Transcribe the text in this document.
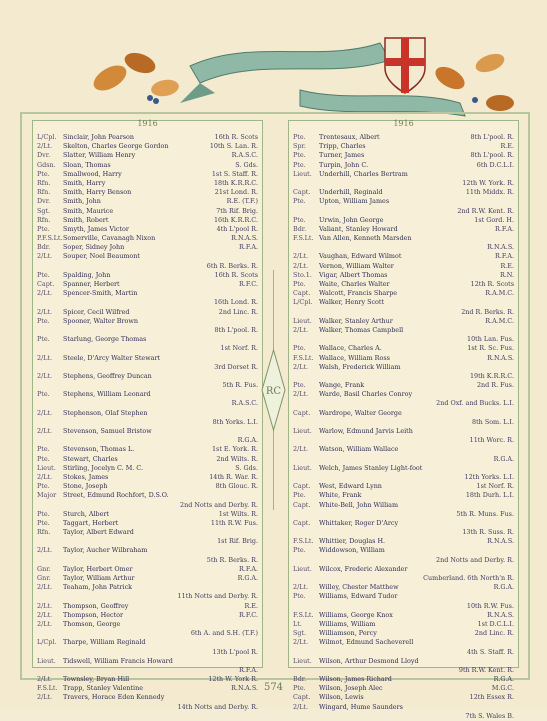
1916
L/Cpl.	Sinclair, John Pearson	16th R. Scots
2/Lt.	Skelton, Charles George Gordon	10th S. Lan. R.
Dvr.	Slatter, William Henry	R.A.S.C.
Gdsn.	Sloan, Thomas	S. Gds.
Pte.	Smallwood, Harry	1st S. Staff. R.
Rfn.	Smith, Harry	18th K.R.R.C.
Rfn.	Smith, Harry Benson	21st Lond. R.
Dvr.	Smith, John	R.E. (T.F.)
Sgt.	Smith, Maurice	7th Rif. Brig.
Rfn.	Smith, Robert	16th K.R.R.C.
Pte.	Smyth, James Victor	4th L'pool R.
P.F.S.Lt. Somerville, Cavanagh Nixon	R.N.A.S.
Bdr.	Soper, Sidney John	R.F.A.
2/Lt.	Souper, Noel Beaumont
6th R. Berks. R.
Pte.	Spalding, John	16th R. Scots
Capt.	Spanner, Herbert	R.F.C.
2/Lt.	Spencer-Smith, Martin
16th Lond. R.
2/Lt.	Spicer, Cecil Wilfred	2nd Linc. R.
Pte.	Spooner, Walter Brown
8th L'pool. R.
Pte.	Starlung, George Thomas
1st Norf. R.
2/Lt.	Steele, D'Arcy Walter Stewart
3rd Dorset R.
2/Lt.	Stephens, Geoffrey Duncan
5th R. Fus.
Pte.	Stephens, William Leonard
R.A.S.C.
2/Lt.	Stephenson, Olaf Stephen
8th Yorks. L.I.
2/Lt.	Stevenson, Samuel Bristow
R.G.A.
Pte.	Stevenson, Thomas L.	1st E. York. R.
Pte.	Stewart, Charles	2nd Wilts. R.
Lieut.	Stirling, Jocelyn C. M. C.	S. Gds.
2/Lt.	Stokes, James	14th R. War. R.
Pte.	Stone, Joseph	8th Glouc. R.
Major	Street, Edmund Rochfort, D.S.O.
2nd Notts and Derby. R.
Pte.	Sturch, Albert	1st Wilts. R.
Pte.	Taggart, Herbert	11th R.W. Fus.
Rfn.	Taylor, Albert Edward
1st Rif. Brig.
2/Lt.	Taylor, Aucher Wilbraham
5th R. Berks. R.
Gnr.	Taylor, Herbert Omer	R.F.A.
Gnr.	Taylor, William Arthur	R.G.A.
2/Lt.	Teaham, John Patrick
11th Notts and Derby. R.
2/Lt.	Thompson, Geoffrey	R.E.
2/Lt.	Thompson, Hector	R.F.C.
2/Lt.	Thomson, George
6th A. and S.H. (T.F.)
L/Cpl.	Tharpe, William Reginald
13th L'pool R.
Lieut.	Tidswell, William Francis Howard
R.F.A.
2/Lt.	Townsley, Bryan Hill	12th W. York R.
F.S.Lt. Trapp, Stanley Valentine	R.N.A.S.
2/Lt.	Travers, Horace Eden Kennedy
14th Notts and Derby. R.
RC
1916
Pte.	Trentesaux, Albert	8th L'pool. R.
Spr.	Tripp, Charles	R.E.
Pte.	Turner, James	8th L'pool. R.
Pte.	Turpin, John C.	6th D.C.L.I.
Lieut.	Underhill, Charles Bertram
12th W. York. R.
Capt.	Underhill, Reginald	11th Middx. R.
Pte.	Upton, William James
2nd R.W. Kent. R.
Pte.	Urwin, John George	1st Gord. H.
Bdr.	Valiant, Stanley Howard	R.F.A.
F.S.Lt. Van Allen, Kenneth Marsden
R.N.A.S.
2/Lt.	Vaughan, Edward Wilmot	R.F.A.
2/Lt.	Vernon, William Walter	R.E.
Sto.1.	Vigar, Albert Thomas	R.N.
Pte.	Waite, Charles Walter	12th R. Scots
Capt.	Walcott, Francis Sharpe	R.A.M.C.
L/Cpl.	Walker, Henry Scott
2nd R. Berks. R.
Lieut.	Walker, Stanley Arthur	R.A.M.C.
2/Lt.	Walker, Thomas Campbell
10th Lan. Fus.
Pte.	Wallace, Charles A.	1st R. Sc. Fus.
F.S.Lt. Wallace, William Ross	R.N.A.S.
2/Lt.	Walsh, Frederick William
19th K.R.R.C.
Pte.	Wange, Frank	2nd R. Fus.
2/Lt.	Warde, Basil Charles Conroy
2nd Oxf. and Bucks. L.I.
Capt.	Wardrope, Walter George
8th Som. L.I.
Lieut.	Warlow, Edmund Jarvis Leith
11th Worc. R.
2/Lt.	Watson, William Wallace
R.G.A.
Lieut.	Welch, James Stanley Light-foot
12th Yorks. L.I.
Capt.	West, Edward Lynn	1st Norf. R.
Pte.	White, Frank	18th Durh. L.I.
Capt.	White-Bell, John William
5th R. Muns. Fus.
Capt.	Whittaker, Roger D'Arcy
13th R. Suss. R.
F.S.Lt. Whittier, Douglas H.	R.N.A.S.
Pte.	Widdowson, William
2nd Notts and Derby. R.
Lieut.	Wilcox, Frederic Alexander
Cumberland. 6th North'n R.
2/Lt.	Willey, Chester Matthew	R.G.A.
Pte.	Williams, Edward Tudor
10th R.W. Fus.
F.S.Lt. Williams, George Knox	R.N.A.S.
Lt.	Williams, William	1st D.C.L.I.
Sgt.	Williamson, Percy	2nd Linc. R.
2/Lt.	Wilmot, Edmund Sacheverell
4th S. Staff. R.
Lieut.	Wilson, Arthur Desmond Lloyd
9th R.W. Kent. R.
Bdr.	Wilson, James Richard	R.G.A.
Pte.	Wilson, Joseph Alec	M.G.C.
Capt.	Wilson, Lewis	12th Essex R.
2/Lt.	Wingard, Hume Saunders
7th S. Wales B.
574
